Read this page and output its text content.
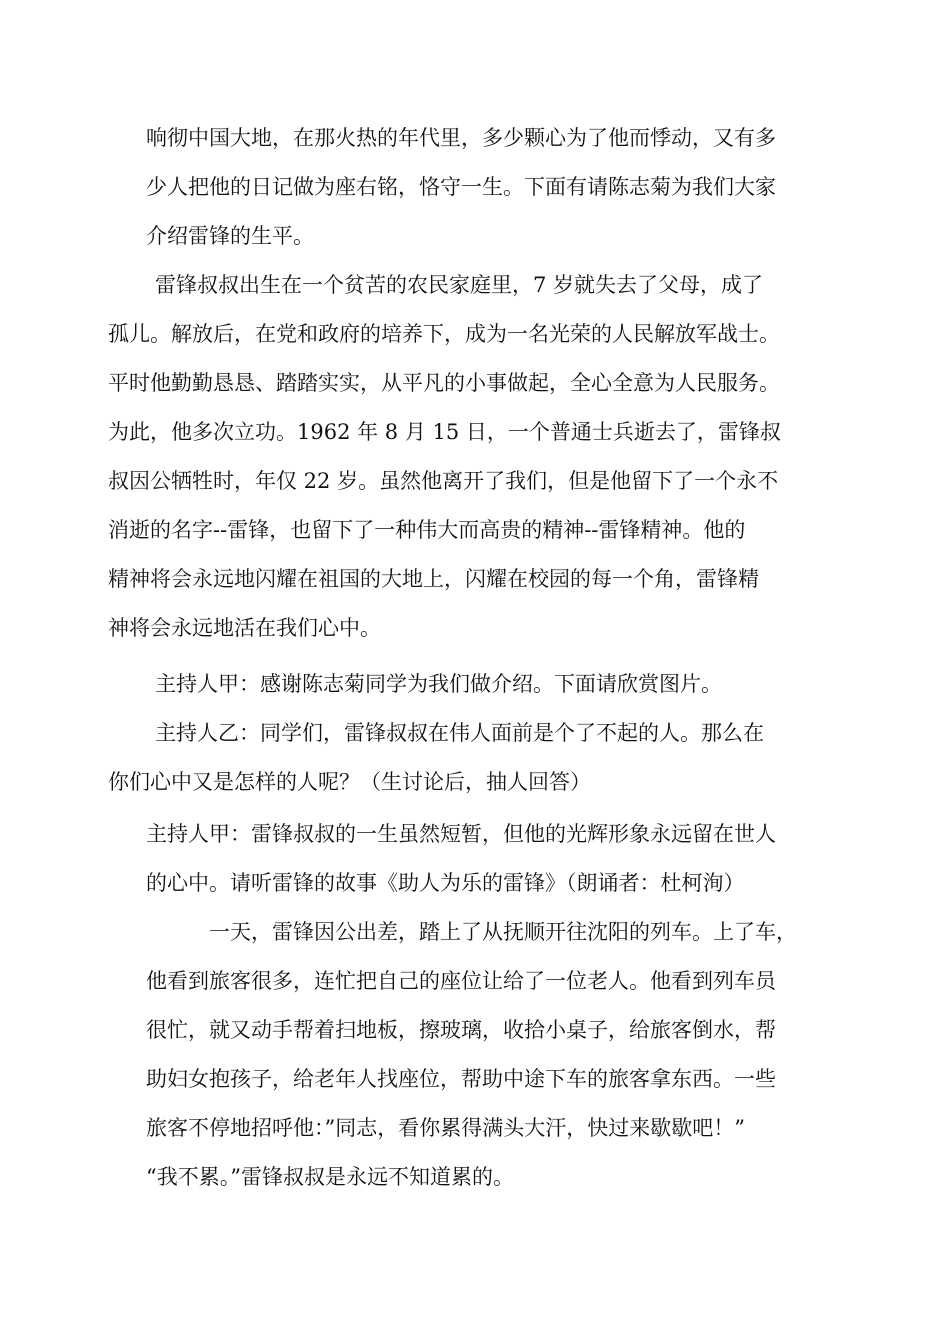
响彻中国大地，在那火热的年代里，多少颗心为了他而悸动，又有多

少人把他的日记做为座右铭，恪守一生。下面有请陈志菊为我们大家

介绍雷锋的生平。

雷锋叔叔出生在一个贫苦的农民家庭里，7 岁就失去了父母，成了

孤儿。解放后，在党和政府的培养下，成为一名光荣的人民解放军战士。

平时他勤勤恳恳、踏踏实实，从平凡的小事做起，全心全意为人民服务。

为此，他多次立功。1962 年 8 月 15 日，一个普通士兵逝去了，雷锋叔

叔因公牺牲时，年仅 22 岁。虽然他离开了我们，但是他留下了一个永不

消逝的名字--雷锋，也留下了一种伟大而高贵的精神--雷锋精神。他的

精神将会永远地闪耀在祖国的大地上，闪耀在校园的每一个角，雷锋精

神将会永远地活在我们心中。

主持人甲：感谢陈志菊同学为我们做介绍。下面请欣赏图片。

主持人乙：同学们，雷锋叔叔在伟人面前是个了不起的人。那么在

你们心中又是怎样的人呢？（生讨论后，抽人回答）

主持人甲：雷锋叔叔的一生虽然短暂，但他的光辉形象永远留在世人

的心中。请听雷锋的故事《助人为乐的雷锋》（朗诵者：杜柯洵）

一天，雷锋因公出差，踏上了从抚顺开往沈阳的列车。上了车，

他看到旅客很多，连忙把自己的座位让给了一位老人。他看到列车员

很忙，就又动手帮着扫地板，擦玻璃，收拾小桌子，给旅客倒水，帮

助妇女抱孩子，给老年人找座位，帮助中途下车的旅客拿东西。一些

旅客不停地招呼他：”同志，看你累得满头大汗，快过来歇歇吧！”

“我不累。”雷锋叔叔是永远不知道累的。
